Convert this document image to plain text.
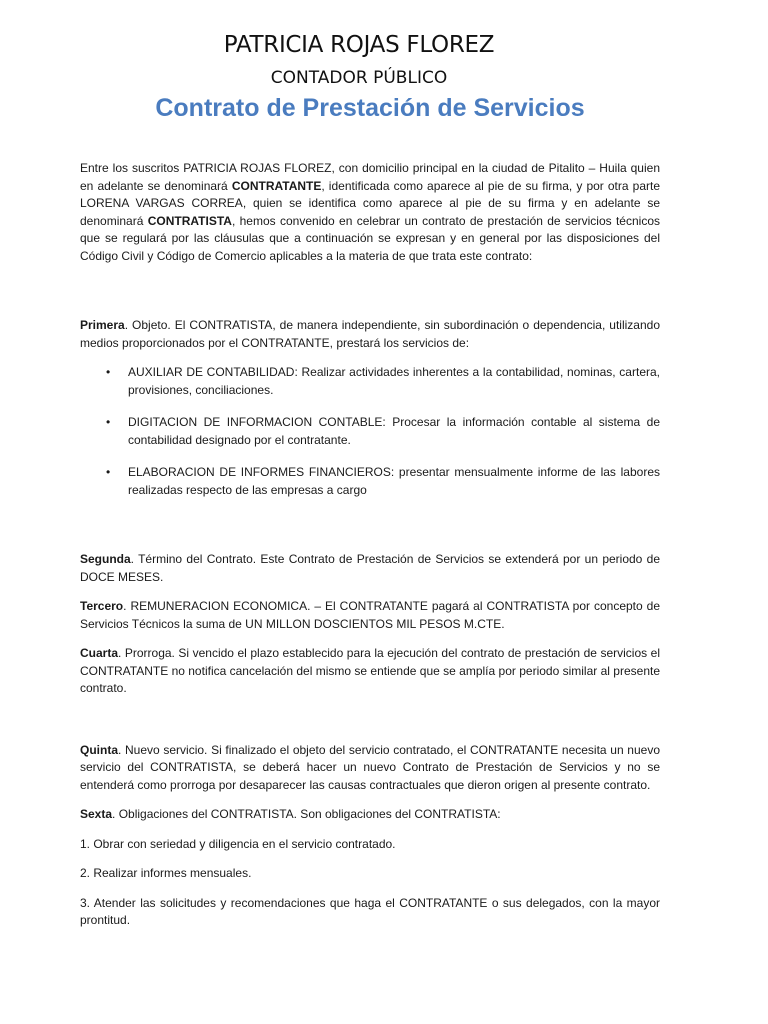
PATRICIA ROJAS FLOREZ
CONTADOR PÚBLICO
Contrato de Prestación de Servicios

Entre los suscritos PATRICIA ROJAS FLOREZ, con domicilio principal en la ciudad de Pitalito – Huila quien en adelante se denominará CONTRATANTE, identificada como aparece al pie de su firma, y por otra parte LORENA VARGAS CORREA, quien se identifica como aparece al pie de su firma y en adelante se denominará CONTRATISTA, hemos convenido en celebrar un contrato de prestación de servicios técnicos que se regulará por las cláusulas que a continuación se expresan y en general por las disposiciones del Código Civil y Código de Comercio aplicables a la materia de que trata este contrato:

Primera. Objeto. El CONTRATISTA, de manera independiente, sin subordinación o dependencia, utilizando medios proporcionados por el CONTRATANTE, prestará los servicios de:

• AUXILIAR DE CONTABILIDAD: Realizar actividades inherentes a la contabilidad, nominas, cartera, provisiones, conciliaciones.
• DIGITACION DE INFORMACION CONTABLE: Procesar la información contable al sistema de contabilidad designado por el contratante.
• ELABORACION DE INFORMES FINANCIEROS: presentar mensualmente informe de las labores realizadas respecto de las empresas a cargo

Segunda. Término del Contrato. Este Contrato de Prestación de Servicios se extenderá por un periodo de DOCE MESES.

Tercero. REMUNERACION ECONOMICA. – El CONTRATANTE pagará al CONTRATISTA por concepto de Servicios Técnicos la suma de UN MILLON DOSCIENTOS MIL PESOS M.CTE.

Cuarta. Prorroga. Si vencido el plazo establecido para la ejecución del contrato de prestación de servicios el CONTRATANTE no notifica cancelación del mismo se entiende que se amplía por periodo similar al presente contrato.

Quinta. Nuevo servicio. Si finalizado el objeto del servicio contratado, el CONTRATANTE necesita un nuevo servicio del CONTRATISTA, se deberá hacer un nuevo Contrato de Prestación de Servicios y no se entenderá como prorroga por desaparecer las causas contractuales que dieron origen al presente contrato.

Sexta. Obligaciones del CONTRATISTA. Son obligaciones del CONTRATISTA:

1. Obrar con seriedad y diligencia en el servicio contratado.

2. Realizar informes mensuales.

3. Atender las solicitudes y recomendaciones que haga el CONTRATANTE o sus delegados, con la mayor prontitud.
